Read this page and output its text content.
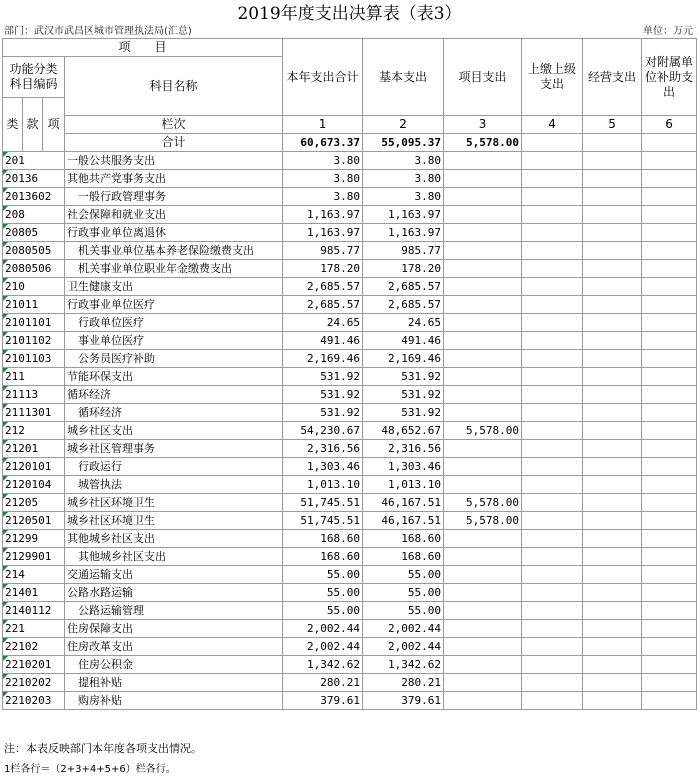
2019年度支出决算表（表3）
部门：武汉市武昌区城市管理执法局(汇总)	单位：万元
项　　目				本年支出合计	基本支出	项目支出	上缴上级支出	经营支出	对附属单位补助支出
功能分类科目编码			科目名称						

类	款	项							
			栏次	1	2	3	4	5	6
			合计	60,673.37	55,095.37	5,578.00			
201			一般公共服务支出	3.80	3.80				
20136			其他共产党事务支出	3.80	3.80				
2013602			　一般行政管理事务	3.80	3.80				
208			社会保障和就业支出	1,163.97	1,163.97				
20805			行政事业单位离退休	1,163.97	1,163.97				
2080505			　机关事业单位基本养老保险缴费支出	985.77	985.77				
2080506			　机关事业单位职业年金缴费支出	178.20	178.20				
210			卫生健康支出	2,685.57	2,685.57				
21011			行政事业单位医疗	2,685.57	2,685.57				
2101101			　行政单位医疗	24.65	24.65				
2101102			　事业单位医疗	491.46	491.46				
2101103			　公务员医疗补助	2,169.46	2,169.46				
211			节能环保支出	531.92	531.92				
21113			循环经济	531.92	531.92				
2111301			　循环经济	531.92	531.92				
212			城乡社区支出	54,230.67	48,652.67	5,578.00			
21201			城乡社区管理事务	2,316.56	2,316.56				
2120101			　行政运行	1,303.46	1,303.46				
2120104			　城管执法	1,013.10	1,013.10				
21205			城乡社区环境卫生	51,745.51	46,167.51	5,578.00			
2120501			城乡社区环境卫生	51,745.51	46,167.51	5,578.00			
21299			其他城乡社区支出	168.60	168.60				
2129901			　其他城乡社区支出	168.60	168.60				
214			交通运输支出	55.00	55.00				
21401			公路水路运输	55.00	55.00				
2140112			　公路运输管理	55.00	55.00				
221			住房保障支出	2,002.44	2,002.44				
22102			住房改革支出	2,002.44	2,002.44				
2210201			　住房公积金	1,342.62	1,342.62				
2210202			　提租补贴	280.21	280.21				
2210203			　购房补贴	379.61	379.61				
注：本表反映部门本年度各项支出情况。
1栏各行＝（2+3+4+5+6）栏各行。
